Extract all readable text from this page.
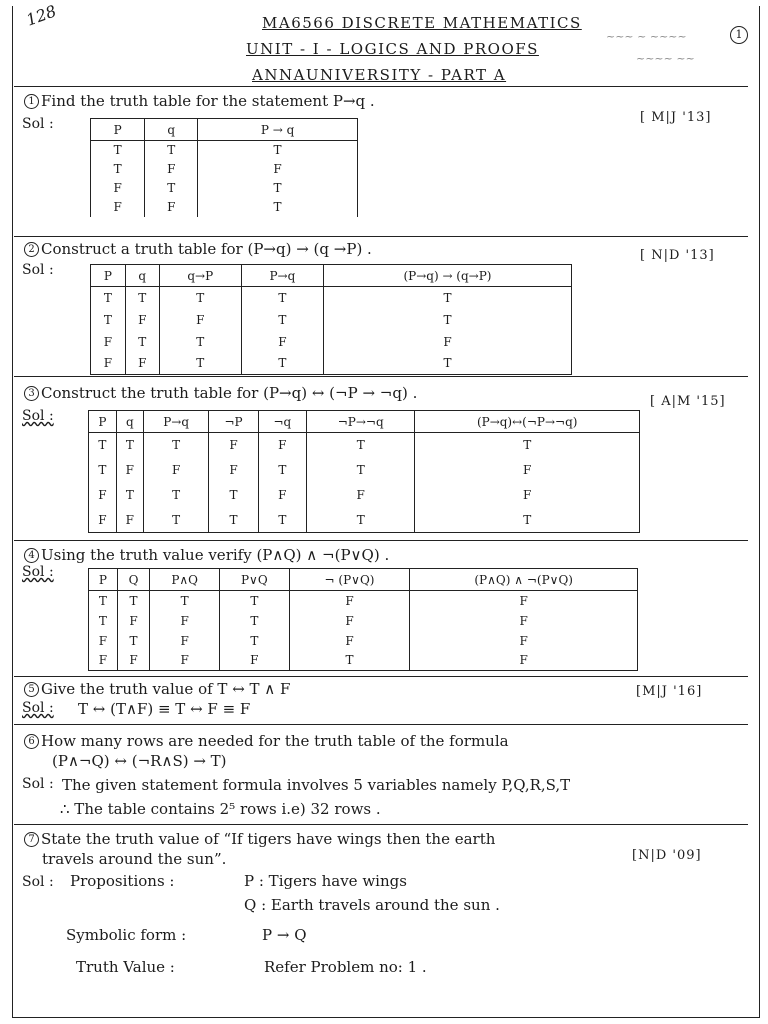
128
1
~~~ ~ ~~~~
~~~~ ~~
MA6566 DISCRETE MATHEMATICS
UNIT - I - LOGICS AND PROOFS
ANNAUNIVERSITY - PART A
1 Find the truth table for the statement P→q .
[ M|J '13]
Sol :	P	q	P → q
T	T	T
T	F	F
F	T	T
F	F	T
2 Construct a truth table for (P→q) → (q →P) .	[ N|D '13]
Sol :	P	q	q→P	P→q	(P→q) → (q→P)
T	T	T	T	T
T	F	F	T	T
F	T	T	F	F
F	F	T	T	T
3 Construct the truth table for (P→q) ↔ (¬P → ¬q) .	[ A|M '15]
Sol :	P	q	P→q	¬P	¬q	¬P→¬q	(P→q)↔(¬P→¬q)
T	T	T	F	F	T	T
T	F	F	F	T	T	F
F	T	T	T	F	F	F
F	F	T	T	T	T	T
4 Using the truth value verify (P∧Q) ∧ ¬(P∨Q) .
Sol :	P	Q	P∧Q	P∨Q	¬ (P∨Q)	(P∧Q) ∧ ¬(P∨Q)
T	T	T	T	F	F
T	F	F	T	F	F
F	T	F	T	F	F
F	F	F	F	T	F
5 Give the truth value of T ↔ T ∧ F	[M|J '16]
Sol : T ↔ (T∧F) ≡ T ↔ F ≡ F
6 How many rows are needed for the truth table of the formula
(P∧¬Q) ↔ (¬R∧S) → T)
Sol : The given statement formula involves 5 variables namely P,Q,R,S,T
∴ The table contains 2⁵ rows i.e) 32 rows .
7 State the truth value of “If tigers have wings then the earth
travels around the sun”.	[N|D '09]
Sol : Propositions :	P : Tigers have wings
Q : Earth travels around the sun .
Symbolic form :	P → Q
Truth Value :	Refer Problem no: 1 .
